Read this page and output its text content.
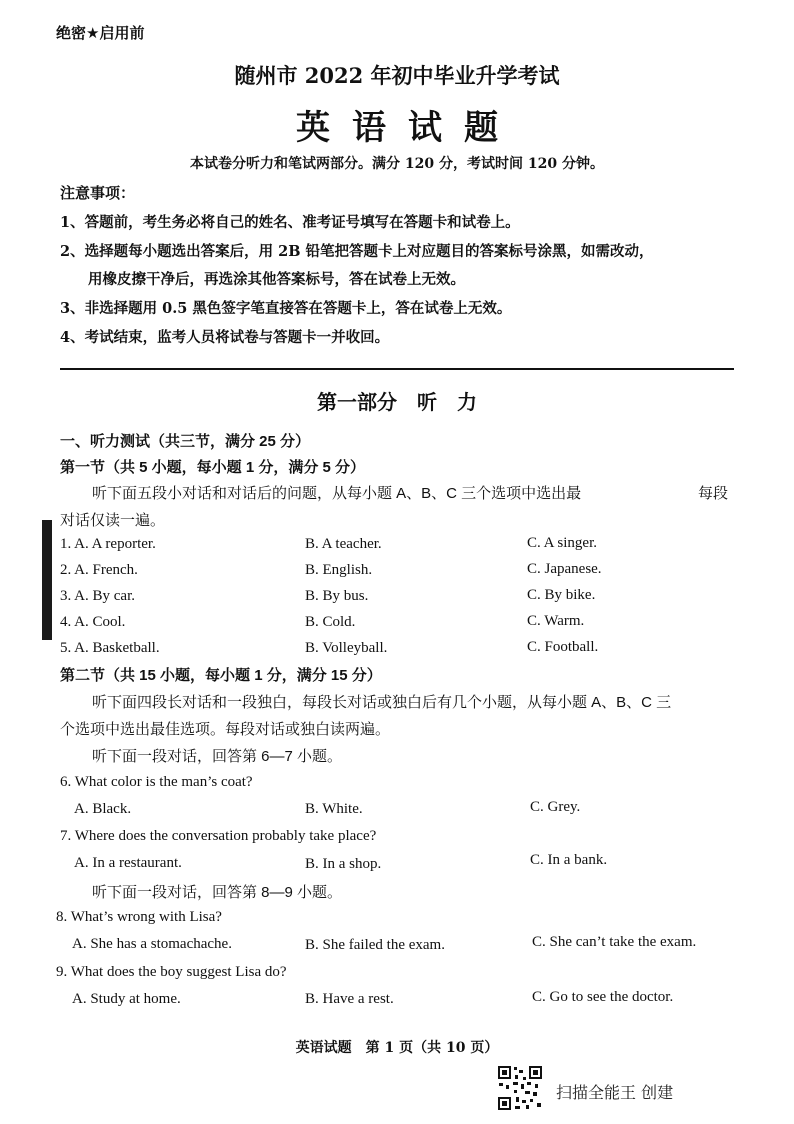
绝密★启用前
随州市 2022 年初中毕业升学考试
英语试题
本试卷分听力和笔试两部分。满分 120 分，考试时间 120 分钟。
注意事项：
1、答题前，考生务必将自己的姓名、准考证号填写在答题卡和试卷上。
2、选择题每小题选出答案后，用 2B 铅笔把答题卡上对应题目的答案标号涂黑，如需改动，
用橡皮擦干净后，再选涂其他答案标号，答在试卷上无效。
3、非选择题用 0.5 黑色签字笔直接答在答题卡上，答在试卷上无效。
4、考试结束，监考人员将试卷与答题卡一并收回。
第一部分　听　力
一、听力测试（共三节，满分 25 分）
第一节（共 5 小题，每小题 1 分，满分 5 分）
听下面五段小对话和对话后的问题，从每小题 A、B、C 三个选项中选出最	每段
对话仅读一遍。
1. A. A reporter.	B. A teacher.	C. A singer.
2. A. French.	B. English.	C. Japanese.
3. A. By car.	B. By bus.	C. By bike.
4. A. Cool.	B. Cold.	C. Warm.
5. A. Basketball.	B. Volleyball.	C. Football.
第二节（共 15 小题，每小题 1 分，满分 15 分）
听下面四段长对话和一段独白，每段长对话或独白后有几个小题，从每小题 A、B、C 三
个选项中选出最佳选项。每段对话或独白读两遍。
听下面一段对话，回答第 6—7 小题。
6. What color is the man’s coat?
A. Black.	B. White.	C. Grey.
7. Where does the conversation probably take place?
A. In a restaurant.	B. In a shop.	C. In a bank.
听下面一段对话，回答第 8—9 小题。
8. What’s wrong with Lisa?
A. She has a stomachache.	B. She failed the exam.	C. She can’t take the exam.
9. What does the boy suggest Lisa do?
A. Study at home.	B. Have a rest.	C. Go to see the doctor.
英语试题　第 1 页（共 10 页）
扫描全能王 创建
